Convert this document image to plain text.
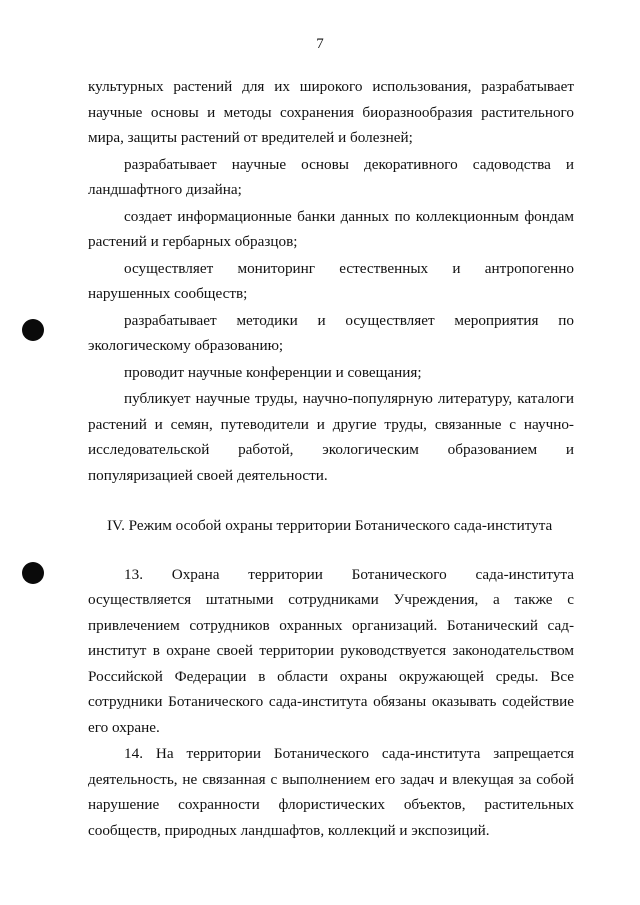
7

культурных растений для их широкого использования, разрабатывает научные основы и методы сохранения биоразнообразия растительного мира, защиты растений от вредителей и болезней;

разрабатывает научные основы декоративного садоводства и ландшафтного дизайна;

создает информационные банки данных по коллекционным фондам растений и гербарных образцов;

осуществляет мониторинг естественных и антропогенно нарушенных сообществ;

разрабатывает методики и осуществляет мероприятия по экологическому образованию;

проводит научные конференции и совещания;

публикует научные труды, научно-популярную литературу, каталоги растений и семян, путеводители и другие труды, связанные с научно-исследовательской работой, экологическим образованием и популяризацией своей деятельности.

IV. Режим особой охраны территории Ботанического сада-института

13. Охрана территории Ботанического сада-института осуществляется штатными сотрудниками Учреждения, а также с привлечением сотрудников охранных организаций. Ботанический сад-институт в охране своей территории руководствуется законодательством Российской Федерации в области охраны окружающей среды. Все сотрудники Ботанического сада-института обязаны оказывать содействие его охране.

14. На территории Ботанического сада-института запрещается деятельность, не связанная с выполнением его задач и влекущая за собой нарушение сохранности флористических объектов, растительных сообществ, природных ландшафтов, коллекций и экспозиций.
